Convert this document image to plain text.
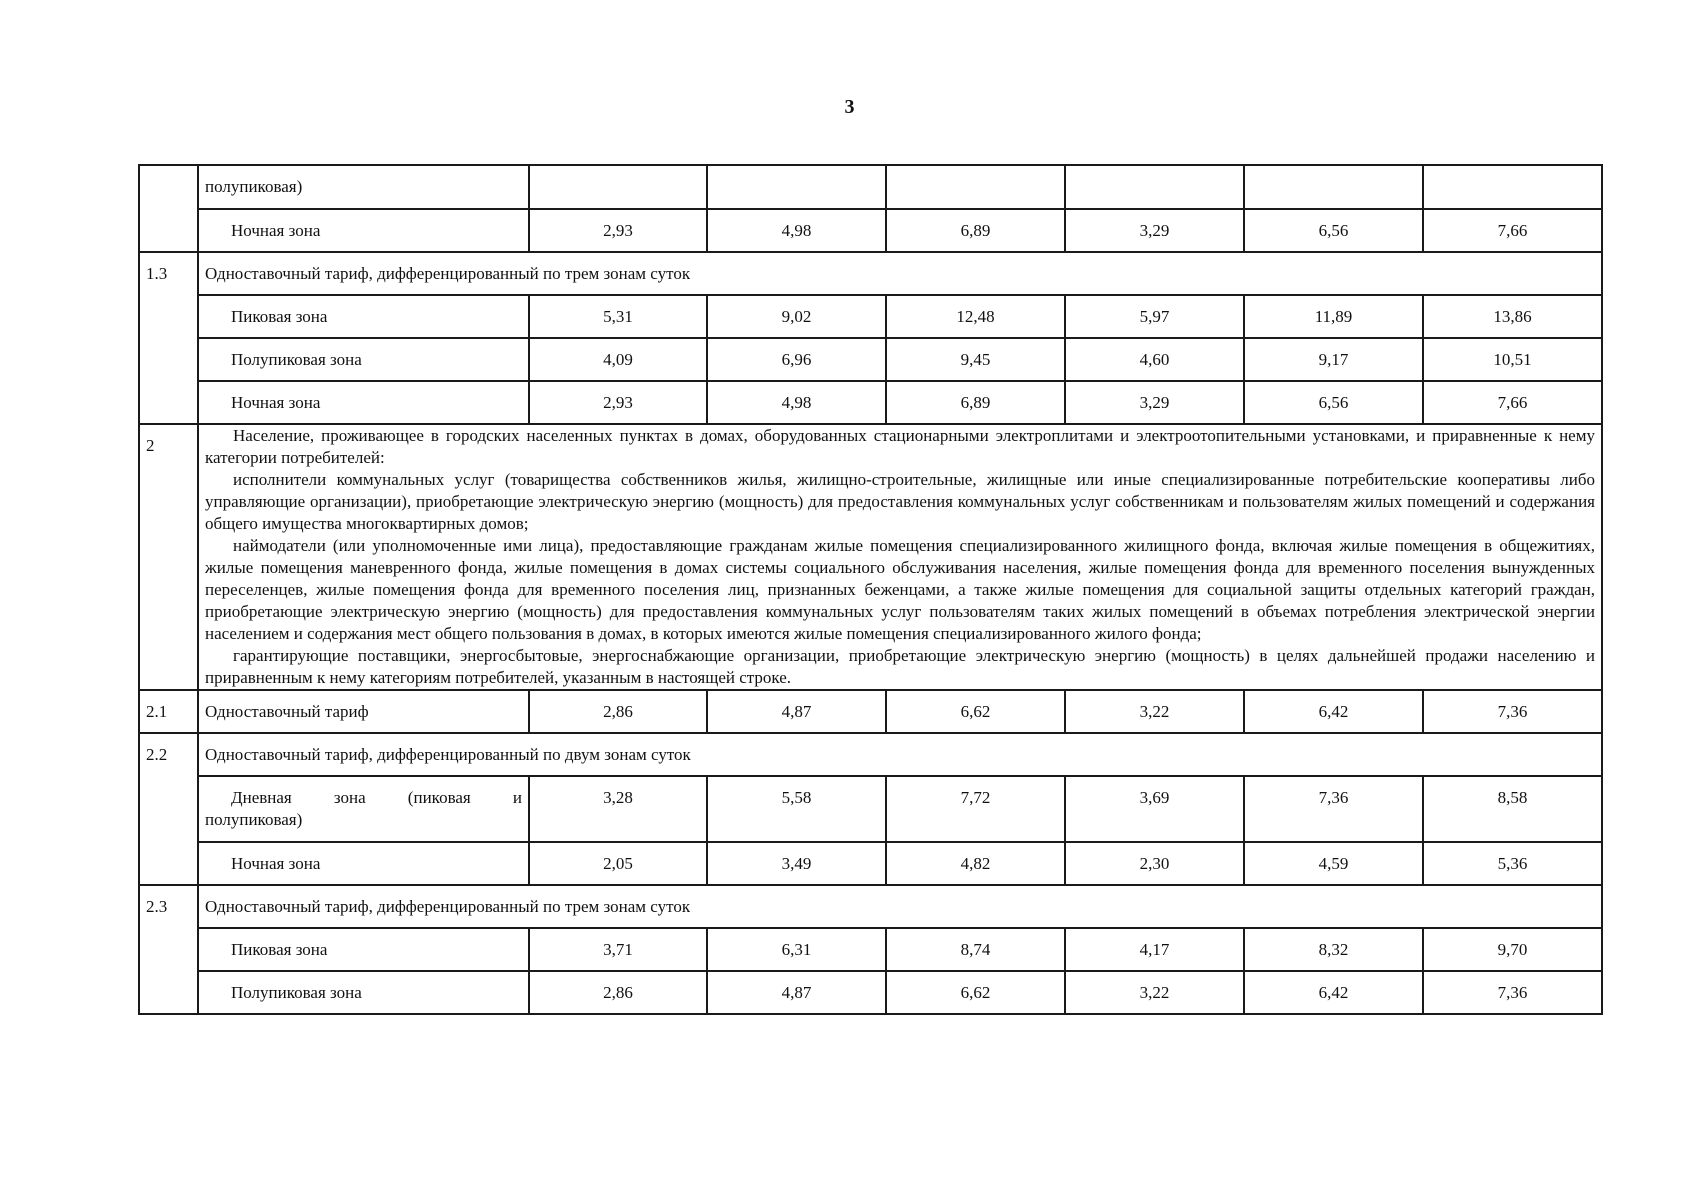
3
	полупиковая)						
	Ночная зона	2,93	4,98	6,89	3,29	6,56	7,66
1.3	Одноставочный тариф, дифференцированный по трем зонам суток						
	Пиковая зона	5,31	9,02	12,48	5,97	11,89	13,86
	Полупиковая зона	4,09	6,96	9,45	4,60	9,17	10,51
	Ночная зона	2,93	4,98	6,89	3,29	6,56	7,66
2	Население, проживающее в городских населенных пунктах в домах, оборудованных стационарными электроплитами и электроотопительными установками, и приравненные к нему категории потребителей:

исполнители коммунальных услуг (товарищества собственников жилья, жилищно-строительные, жилищные или иные специализированные потребительские кооперативы либо управляющие организации), приобретающие электрическую энергию (мощность) для предоставления коммунальных услуг собственникам и пользователям жилых помещений и содержания общего имущества многоквартирных домов;

наймодатели (или уполномоченные ими лица), предоставляющие гражданам жилые помещения специализированного жилищного фонда, включая жилые помещения в общежитиях, жилые помещения маневренного фонда, жилые помещения в домах системы социального обслуживания населения, жилые помещения фонда для временного поселения вынужденных переселенцев, жилые помещения фонда для временного поселения лиц, признанных беженцами, а также жилые помещения для социальной защиты отдельных категорий граждан, приобретающие электрическую энергию (мощность) для предоставления коммунальных услуг пользователям таких жилых помещений в объемах потребления электрической энергии населением и содержания мест общего пользования в домах, в которых имеются жилые помещения специализированного жилого фонда;

гарантирующие поставщики, энергосбытовые, энергоснабжающие организации, приобретающие электрическую энергию (мощность) в целях дальнейшей продажи населению и приравненным к нему категориям потребителей, указанным в настоящей строке.						

2.1	Одноставочный тариф	2,86	4,87	6,62	3,22	6,42	7,36
2.2	Одноставочный тариф, дифференцированный по двум зонам суток						

	Дневная зона (пиковая и
полупиковая)	3,28	5,58	7,72	3,69	7,36	8,58
	Ночная зона	2,05	3,49	4,82	2,30	4,59	5,36
2.3	Одноставочный тариф, дифференцированный по трем зонам суток						
	Пиковая зона	3,71	6,31	8,74	4,17	8,32	9,70
	Полупиковая зона	2,86	4,87	6,62	3,22	6,42	7,36
